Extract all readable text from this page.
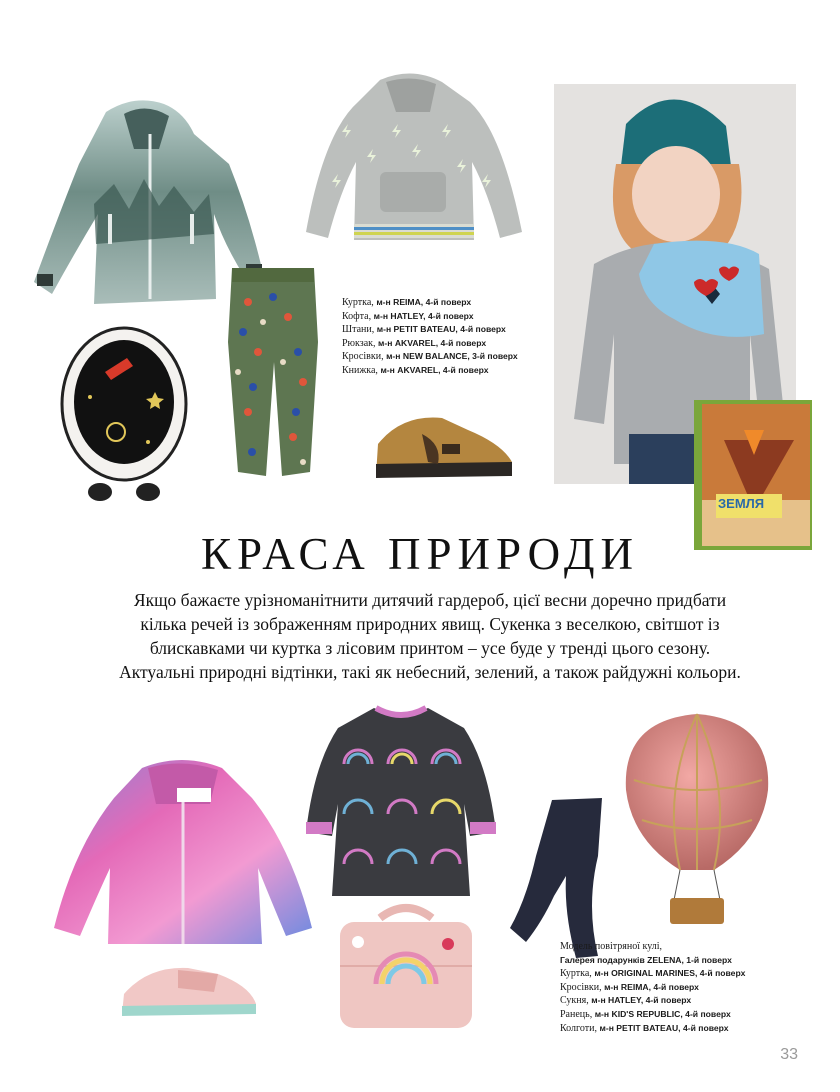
ЗЕМЛЯ
Куртка, м-н REIMA, 4-й поверх
Кофта, м-н HATLEY, 4-й поверх
Штани, м-н PETIT BATEAU, 4-й поверх
Рюкзак, м-н AKVAREL, 4-й поверх
Кросівки, м-н NEW BALANCE, 3-й поверх
Книжка, м-н AKVAREL, 4-й поверх
КРАСА ПРИРОДИ
Якщо бажаєте урізноманітнити дитячий гардероб, цієї весни доречно придбати
кілька речей із зображенням природних явищ. Сукенка з веселкою, світшот із
блискавками чи куртка з лісовим принтом – усе буде у тренді цього сезону.
Актуальні природні відтінки, такі як небесний, зелений, а також райдужні кольори.
Модель повітряної кулі,
Галерея подарунків ZELENA, 1-й поверх
Куртка, м-н ORIGINAL MARINES, 4-й поверх
Кросівки, м-н REIMA, 4-й поверх
Сукня, м-н HATLEY, 4-й поверх
Ранець, м-н KID'S REPUBLIC, 4-й поверх
Колготи, м-н PETIT BATEAU, 4-й поверх
33
